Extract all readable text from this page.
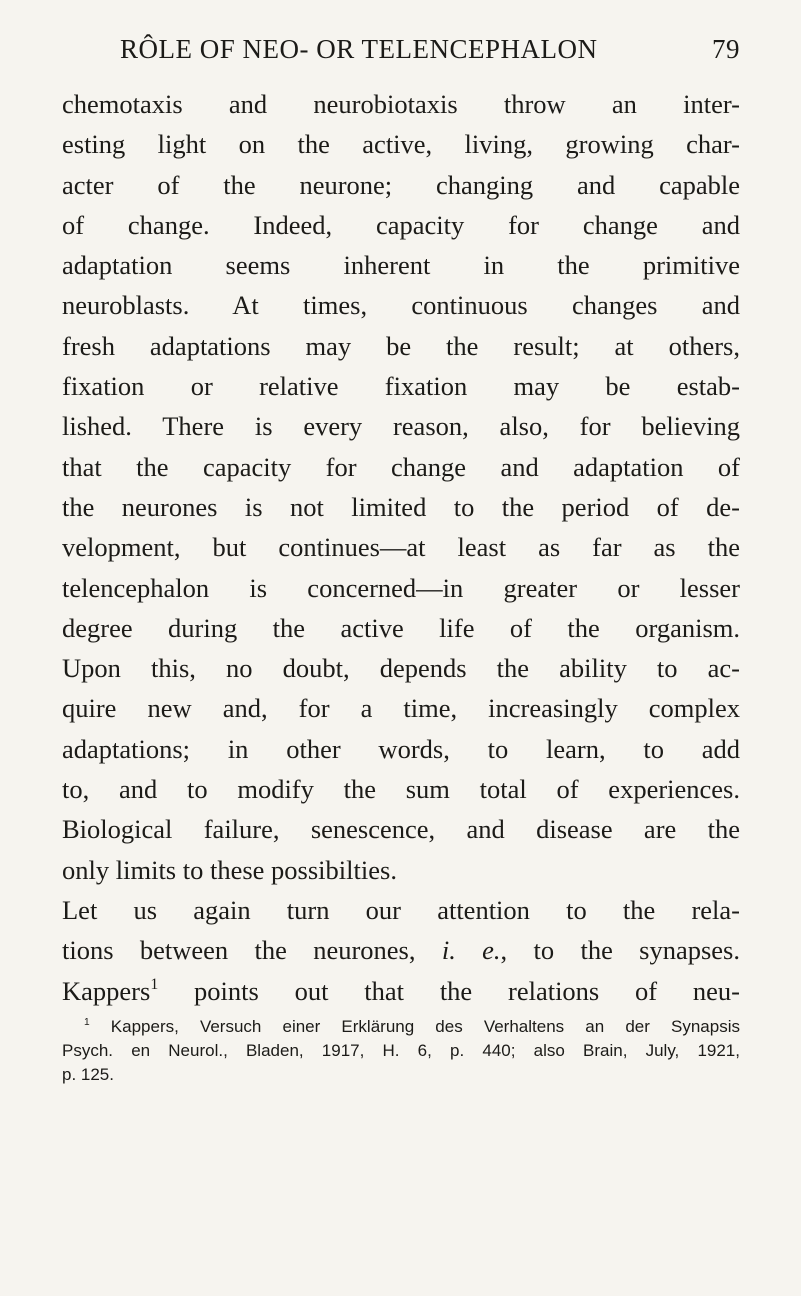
RÔLE OF NEO- OR TELENCEPHALON	79
chemotaxis and neurobiotaxis throw an inter-
esting light on the active, living, growing char-
acter of the neurone; changing and capable
of change. Indeed, capacity for change and
adaptation seems inherent in the primitive
neuroblasts. At times, continuous changes and
fresh adaptations may be the result; at others,
fixation or relative fixation may be estab-
lished. There is every reason, also, for believing
that the capacity for change and adaptation of
the neurones is not limited to the period of de-
velopment, but continues—at least as far as the
telencephalon is concerned—in greater or lesser
degree during the active life of the organism.
Upon this, no doubt, depends the ability to ac-
quire new and, for a time, increasingly complex
adaptations; in other words, to learn, to add
to, and to modify the sum total of experiences.
Biological failure, senescence, and disease are the
only limits to these possibilties.
Let us again turn our attention to the rela-
tions between the neurones, i. e., to the synapses.
Kappers$^1$ points out that the relations of neu-
$^1$ Kappers, Versuch einer Erklärung des Verhaltens an der Synapsis
Psych. en Neurol., Bladen, 1917, H. 6, p. 440; also Brain, July, 1921,
p. 125.
